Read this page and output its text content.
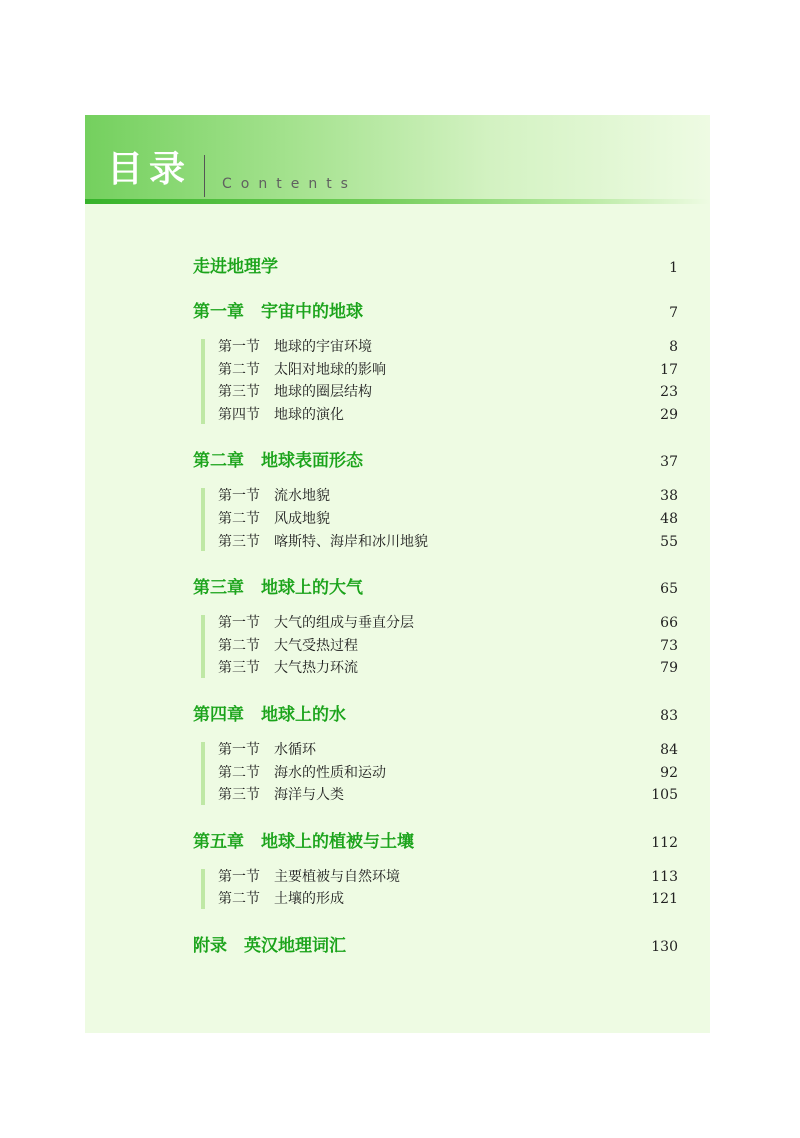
目录 Contents
走进地理学	1
第一章　宇宙中的地球	7
第一节　地球的宇宙环境	8
第二节　太阳对地球的影响	17
第三节　地球的圈层结构	23
第四节　地球的演化	29
第二章　地球表面形态	37
第一节　流水地貌	38
第二节　风成地貌	48
第三节　喀斯特、海岸和冰川地貌	55
第三章　地球上的大气	65
第一节　大气的组成与垂直分层	66
第二节　大气受热过程	73
第三节　大气热力环流	79
第四章　地球上的水	83
第一节　水循环	84
第二节　海水的性质和运动	92
第三节　海洋与人类	105
第五章　地球上的植被与土壤	112
第一节　主要植被与自然环境	113
第二节　土壤的形成	121
附录　英汉地理词汇	130
